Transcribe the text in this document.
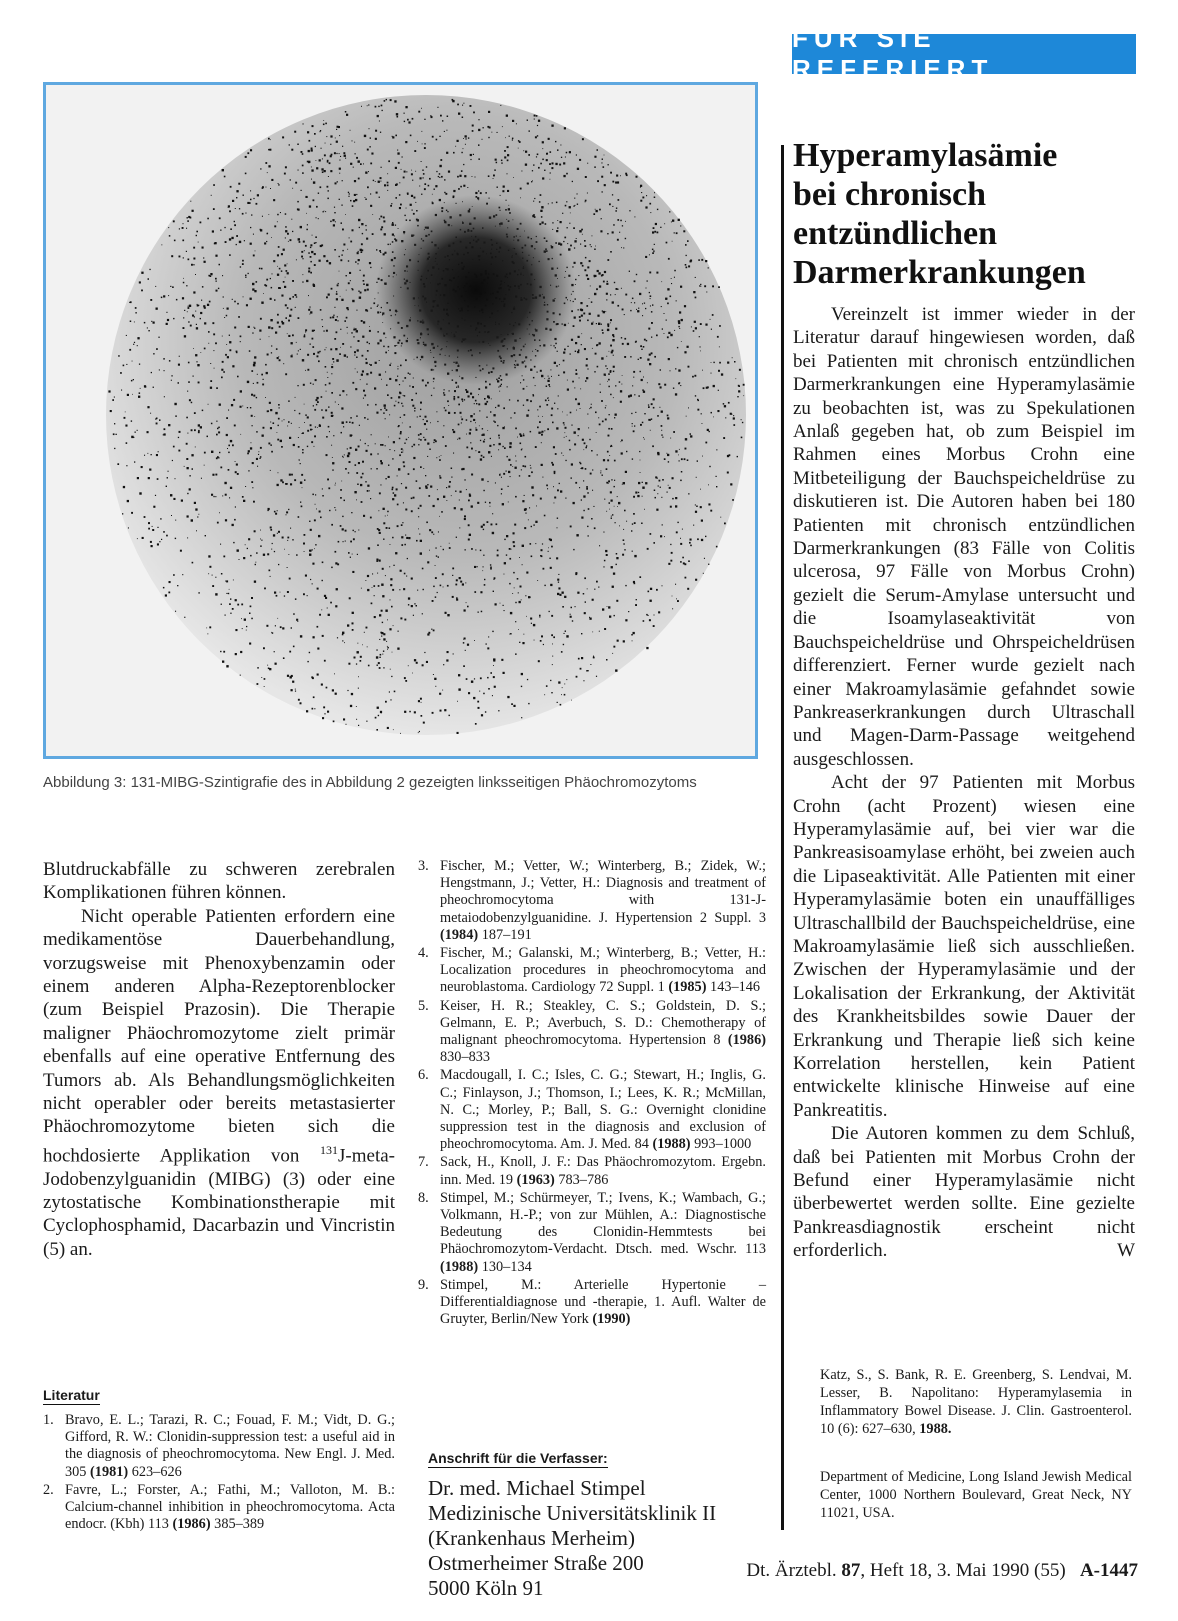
FÜR SIE REFERIERT
Abbildung 3: 131-MIBG-Szintigrafie des in Abbildung 2 gezeigten linksseitigen Phäochromozytoms
Hyperamylasämie
bei chronisch
entzündlichen
Darmerkrankungen

Vereinzelt ist immer wieder in der Literatur darauf hingewiesen worden, daß bei Patienten mit chronisch entzündlichen Darmerkrankungen eine Hyperamylasämie zu beobachten ist, was zu Spekulationen Anlaß gegeben hat, ob zum Beispiel im Rahmen eines Morbus Crohn eine Mitbeteiligung der Bauchspeicheldrüse zu diskutieren ist. Die Autoren haben bei 180 Patienten mit chronisch entzündlichen Darmerkrankungen (83 Fälle von Colitis ulcerosa, 97 Fälle von Morbus Crohn) gezielt die Serum-Amylase untersucht und die Isoamylaseaktivität von Bauchspeicheldrüse und Ohrspeicheldrüsen differenziert. Ferner wurde gezielt nach einer Makroamylasämie gefahndet sowie Pankreaserkrankungen durch Ultraschall und Magen-Darm-Passage weitgehend ausgeschlossen.

Acht der 97 Patienten mit Morbus Crohn (acht Prozent) wiesen eine Hyperamylasämie auf, bei vier war die Pankreasisoamylase erhöht, bei zweien auch die Lipaseaktivität. Alle Patienten mit einer Hyperamylasämie boten ein unauffälliges Ultraschallbild der Bauchspeicheldrüse, eine Makroamylasämie ließ sich ausschließen. Zwischen der Hyperamylasämie und der Lokalisation der Erkrankung, der Aktivität des Krankheitsbildes sowie Dauer der Erkrankung und Therapie ließ sich keine Korrelation herstellen, kein Patient entwickelte klinische Hinweise auf eine Pankreatitis.

Die Autoren kommen zu dem Schluß, daß bei Patienten mit Morbus Crohn der Befund einer Hyperamylasämie nicht überbewertet werden sollte. Eine gezielte Pankreasdiagnostik erscheint nicht erforderlich.	W

Katz, S., S. Bank, R. E. Greenberg, S. Lendvai, M. Lesser, B. Napolitano: Hyperamylasemia in Inflammatory Bowel Disease. J. Clin. Gastroenterol. 10 (6): 627–630, 1988.
Department of Medicine, Long Island Jewish Medical Center, 1000 Northern Boulevard, Great Neck, NY 11021, USA.

Blutdruckabfälle zu schweren zerebralen Komplikationen führen können.

Nicht operable Patienten erfordern eine medikamentöse Dauerbehandlung, vorzugsweise mit Phenoxybenzamin oder einem anderen Alpha-Rezeptorenblocker (zum Beispiel Prazosin). Die Therapie maligner Phäochromozytome zielt primär ebenfalls auf eine operative Entfernung des Tumors ab. Als Behandlungsmöglichkeiten nicht operabler oder bereits metastasierter Phäochromozytome bieten sich die hochdosierte Applikation von $^{131}$J-meta-Jodobenzylguanidin (MIBG) (3) oder eine zytostatische Kombinationstherapie mit Cyclophosphamid, Dacarbazin und Vincristin (5) an.

Literatur
1. Bravo, E. L.; Tarazi, R. C.; Fouad, F. M.; Vidt, D. G.; Gifford, R. W.: Clonidin-suppression test: a useful aid in the diagnosis of pheochromocytoma. New Engl. J. Med. 305 (1981) 623–626
2. Favre, L.; Forster, A.; Fathi, M.; Valloton, M. B.: Calcium-channel inhibition in pheochromocytoma. Acta endocr. (Kbh) 113 (1986) 385–389
3. Fischer, M.; Vetter, W.; Winterberg, B.; Zidek, W.; Hengstmann, J.; Vetter, H.: Diagnosis and treatment of pheochromocytoma with 131-J-metaiodobenzylguanidine. J. Hypertension 2 Suppl. 3 (1984) 187–191
4. Fischer, M.; Galanski, M.; Winterberg, B.; Vetter, H.: Localization procedures in pheochromocytoma and neuroblastoma. Cardiology 72 Suppl. 1 (1985) 143–146
5. Keiser, H. R.; Steakley, C. S.; Goldstein, D. S.; Gelmann, E. P.; Averbuch, S. D.: Chemotherapy of malignant pheochromocytoma. Hypertension 8 (1986) 830–833
6. Macdougall, I. C.; Isles, C. G.; Stewart, H.; Inglis, G. C.; Finlayson, J.; Thomson, I.; Lees, K. R.; McMillan, N. C.; Morley, P.; Ball, S. G.: Overnight clonidine suppression test in the diagnosis and exclusion of pheochromocytoma. Am. J. Med. 84 (1988) 993–1000
7. Sack, H., Knoll, J. F.: Das Phäochromozytom. Ergebn. inn. Med. 19 (1963) 783–786
8. Stimpel, M.; Schürmeyer, T.; Ivens, K.; Wambach, G.; Volkmann, H.-P.; von zur Mühlen, A.: Diagnostische Bedeutung des Clonidin-Hemmtests bei Phäochromozytom-Verdacht. Dtsch. med. Wschr. 113 (1988) 130–134
9. Stimpel, M.: Arterielle Hypertonie – Differentialdiagnose und -therapie, 1. Aufl. Walter de Gruyter, Berlin/New York (1990)
Anschrift für die Verfasser:
Dr. med. Michael Stimpel
Medizinische Universitätsklinik II
(Krankenhaus Merheim)
Ostmerheimer Straße 200
5000 Köln 91
Dt. Ärztebl. 87, Heft 18, 3. Mai 1990 (55) A-1447
